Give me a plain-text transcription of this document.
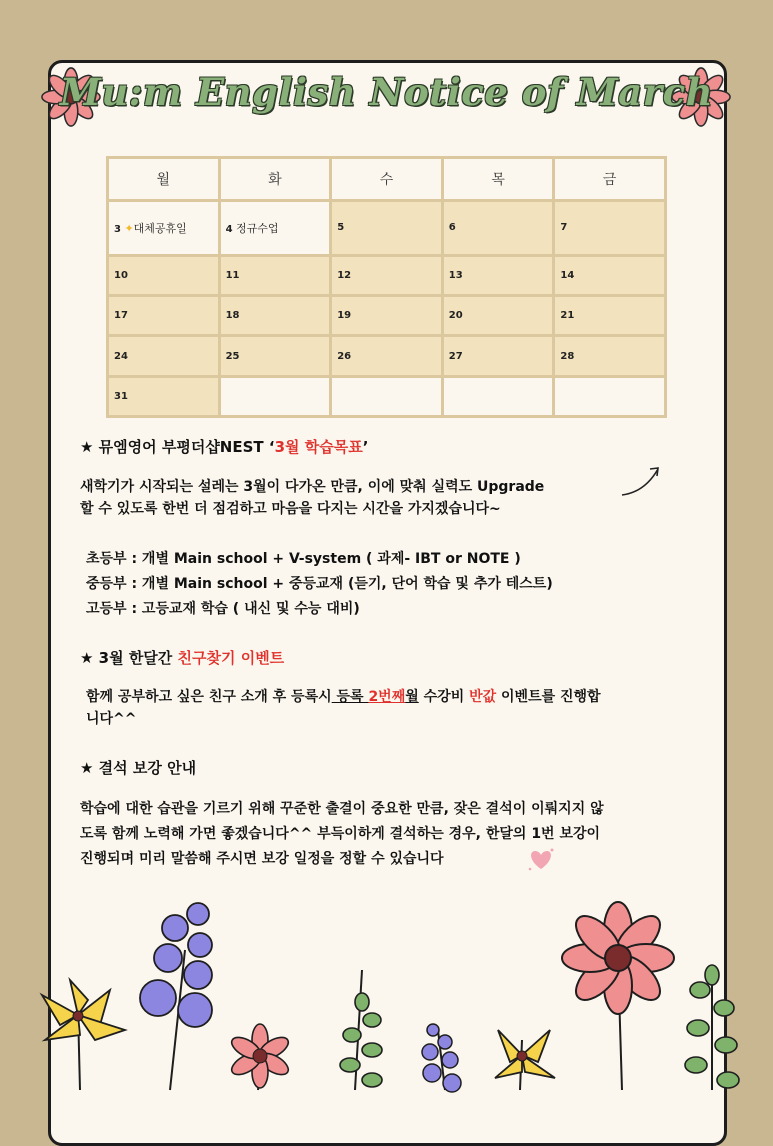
Mu:m English Notice of March
월	화	수	목	금
3 ✦대체공휴일	4 정규수업	5	6	7
10	11	12	13	14
17	18	19	20	21
24	25	26	27	28
31				
★ 뮤엠영어 부평더샵NEST ‘3월 학습목표’
새학기가 시작되는 설레는 3월이 다가온 만큼, 이에 맞춰 실력도 Upgrade
할 수 있도록 한번 더 점검하고 마음을 다지는 시간을 가지겠습니다~
초등부 : 개별 Main school + V-system ( 과제- IBT or NOTE )
중등부 : 개별 Main school + 중등교재 (듣기, 단어 학습 및 추가 테스트)
고등부 : 고등교재 학습 ( 내신 및 수능 대비)
★ 3월 한달간 친구찾기 이벤트
함께 공부하고 싶은 친구 소개 후 등록시 등록 2번째월 수강비 반값 이벤트를 진행합
니다^^
★ 결석 보강 안내
학습에 대한 습관을 기르기 위해 꾸준한 출결이 중요한 만큼, 잦은 결석이 이뤄지지 않
도록 함께 노력해 가면 좋겠습니다^^ 부득이하게 결석하는 경우, 한달의 1번 보강이
진행되며 미리 말씀해 주시면 보강 일정을 정할 수 있습니다
